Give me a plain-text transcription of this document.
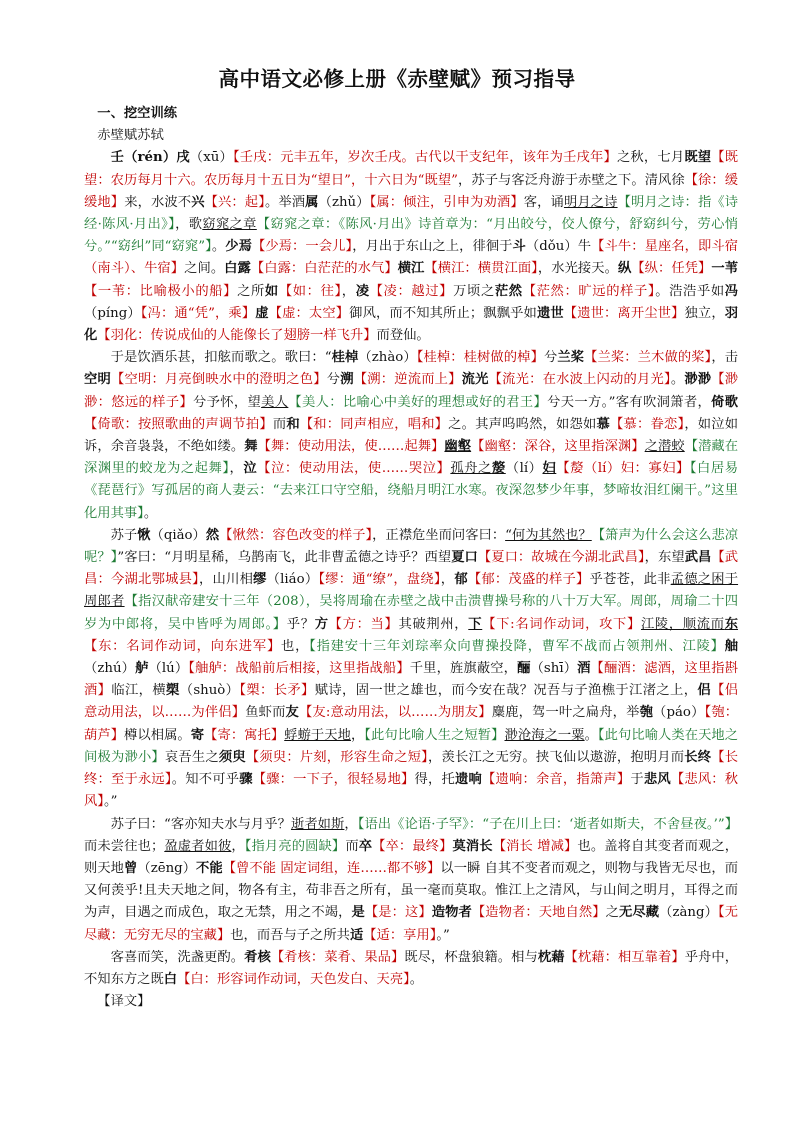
高中语文必修上册《赤壁赋》预习指导

一、挖空训练

赤壁赋苏轼

壬（rén）戌（xū）【壬戌：元丰五年，岁次壬戌。古代以干支纪年，该年为壬戌年】之秋，七月既望【既望：农历每月十六。农历每月十五日为“望日”，十六日为“既望”，苏子与客泛舟游于赤壁之下。清风徐【徐：缓缓地】来，水波不兴【兴：起】。举酒属（zhǔ）【属：倾注，引申为劝酒】客，诵明月之诗【明月之诗：指《诗经·陈风·月出》】，歌窈窕之章【窈窕之章：《陈风·月出》诗首章为：“月出皎兮，佼人僚兮，舒窈纠兮，劳心悄兮。”“窈纠”同“窈窕”】。少焉【少焉：一会儿】，月出于东山之上，徘徊于斗（dǒu）牛【斗牛：星座名，即斗宿（南斗）、牛宿】之间。白露【白露：白茫茫的水气】横江【横江：横贯江面】，水光接天。纵【纵：任凭】一苇【一苇：比喻极小的船】之所如【如：往】，凌【凌：越过】万顷之茫然【茫然：旷远的样子】。浩浩乎如冯（píng）【冯：通“凭”，乘】虚【虚：太空】御风，而不知其所止；飘飘乎如遗世【遗世：离开尘世】独立，羽化【羽化：传说成仙的人能像长了翅膀一样飞升】而登仙。

于是饮酒乐甚，扣舷而歌之。歌曰：“桂棹（zhào）【桂棹：桂树做的棹】兮兰桨【兰桨：兰木做的桨】，击空明【空明：月亮倒映水中的澄明之色】兮溯【溯：逆流而上】流光【流光：在水波上闪动的月光】。渺渺【渺渺：悠远的样子】兮予怀，望美人【美人：比喻心中美好的理想或好的君王】兮天一方。”客有吹洞箫者，倚歌【倚歌：按照歌曲的声调节拍】而和【和：同声相应，唱和】之。其声呜呜然，如怨如慕【慕：眷恋】，如泣如诉，余音袅袅，不绝如缕。舞【舞：使动用法，使……起舞】幽壑【幽壑：深谷，这里指深渊】之潜蛟【潜藏在深渊里的蛟龙为之起舞】，泣【泣：使动用法，使……哭泣】孤舟之嫠（lí）妇【嫠（lí）妇：寡妇】【白居易《琵琶行》写孤居的商人妻云：“去来江口守空船，绕船月明江水寒。夜深忽梦少年事，梦啼妆泪红阑干。”这里化用其事】。

苏子愀（qiǎo）然【愀然：容色改变的样子】，正襟危坐而问客曰：“何为其然也？【箫声为什么会这么悲凉呢？】”客曰：“月明星稀，乌鹊南飞，此非曹孟德之诗乎？西望夏口【夏口：故城在今湖北武昌】，东望武昌【武昌：今湖北鄂城县】，山川相缪（liáo）【缪：通“缭”，盘绕】，郁【郁：茂盛的样子】乎苍苍，此非孟德之困于周郎者【指汉献帝建安十三年（208），吴将周瑜在赤壁之战中击溃曹操号称的八十万大军。周郎，周瑜二十四岁为中郎将，吴中皆呼为周郎。】乎？方【方：当】其破荆州，下【下:名词作动词，攻下】江陵，顺流而东【东：名词作动词，向东进军】也，【指建安十三年刘琮率众向曹操投降，曹军不战而占领荆州、江陵】舳（zhú）舻（lú）【舳舻：战船前后相接，这里指战船】千里，旌旗蔽空，酾（shī）酒【酾酒：滤酒，这里指斟酒】临江，横槊（shuò）【槊：长矛】赋诗，固一世之雄也，而今安在哉？况吾与子渔樵于江渚之上，侣【侣 意动用法，以……为伴侣】鱼虾而友【友:意动用法，以……为朋友】麋鹿，驾一叶之扁舟，举匏（páo）【匏：葫芦】樽以相属。寄【寄：寓托】蜉蝣于天地，【此句比喻人生之短暂】渺沧海之一粟。【此句比喻人类在天地之间极为渺小】哀吾生之须臾【须臾：片刻，形容生命之短】，羡长江之无穷。挟飞仙以遨游，抱明月而长终【长终：至于永远】。知不可乎骤【骤：一下子，很轻易地】得，托遗响【遗响：余音，指箫声】于悲风【悲风：秋风】。”

苏子曰：“客亦知夫水与月乎？逝者如斯，【语出《论语·子罕》：“子在川上曰：‘逝者如斯夫，不舍昼夜。’”】而未尝往也；盈虚者如彼，【指月亮的圆缺】而卒【卒：最终】莫消长【消长 增减】也。盖将自其变者而观之，则天地曾（zēng）不能【曾不能 固定词组，连……都不够】以一瞬 自其不变者而观之，则物与我皆无尽也，而又何羡乎!且夫天地之间，物各有主，苟非吾之所有，虽一毫而莫取。惟江上之清风，与山间之明月，耳得之而为声，目遇之而成色，取之无禁，用之不竭，是【是：这】造物者【造物者：天地自然】之无尽藏（zàng）【无尽藏：无穷无尽的宝藏】也，而吾与子之所共适【适：享用】。”

客喜而笑，洗盏更酌。肴核【肴核：菜肴、果品】既尽，杯盘狼籍。相与枕藉【枕藉：相互靠着】乎舟中，不知东方之既白【白：形容词作动词，天色发白、天亮】。

【译文】
